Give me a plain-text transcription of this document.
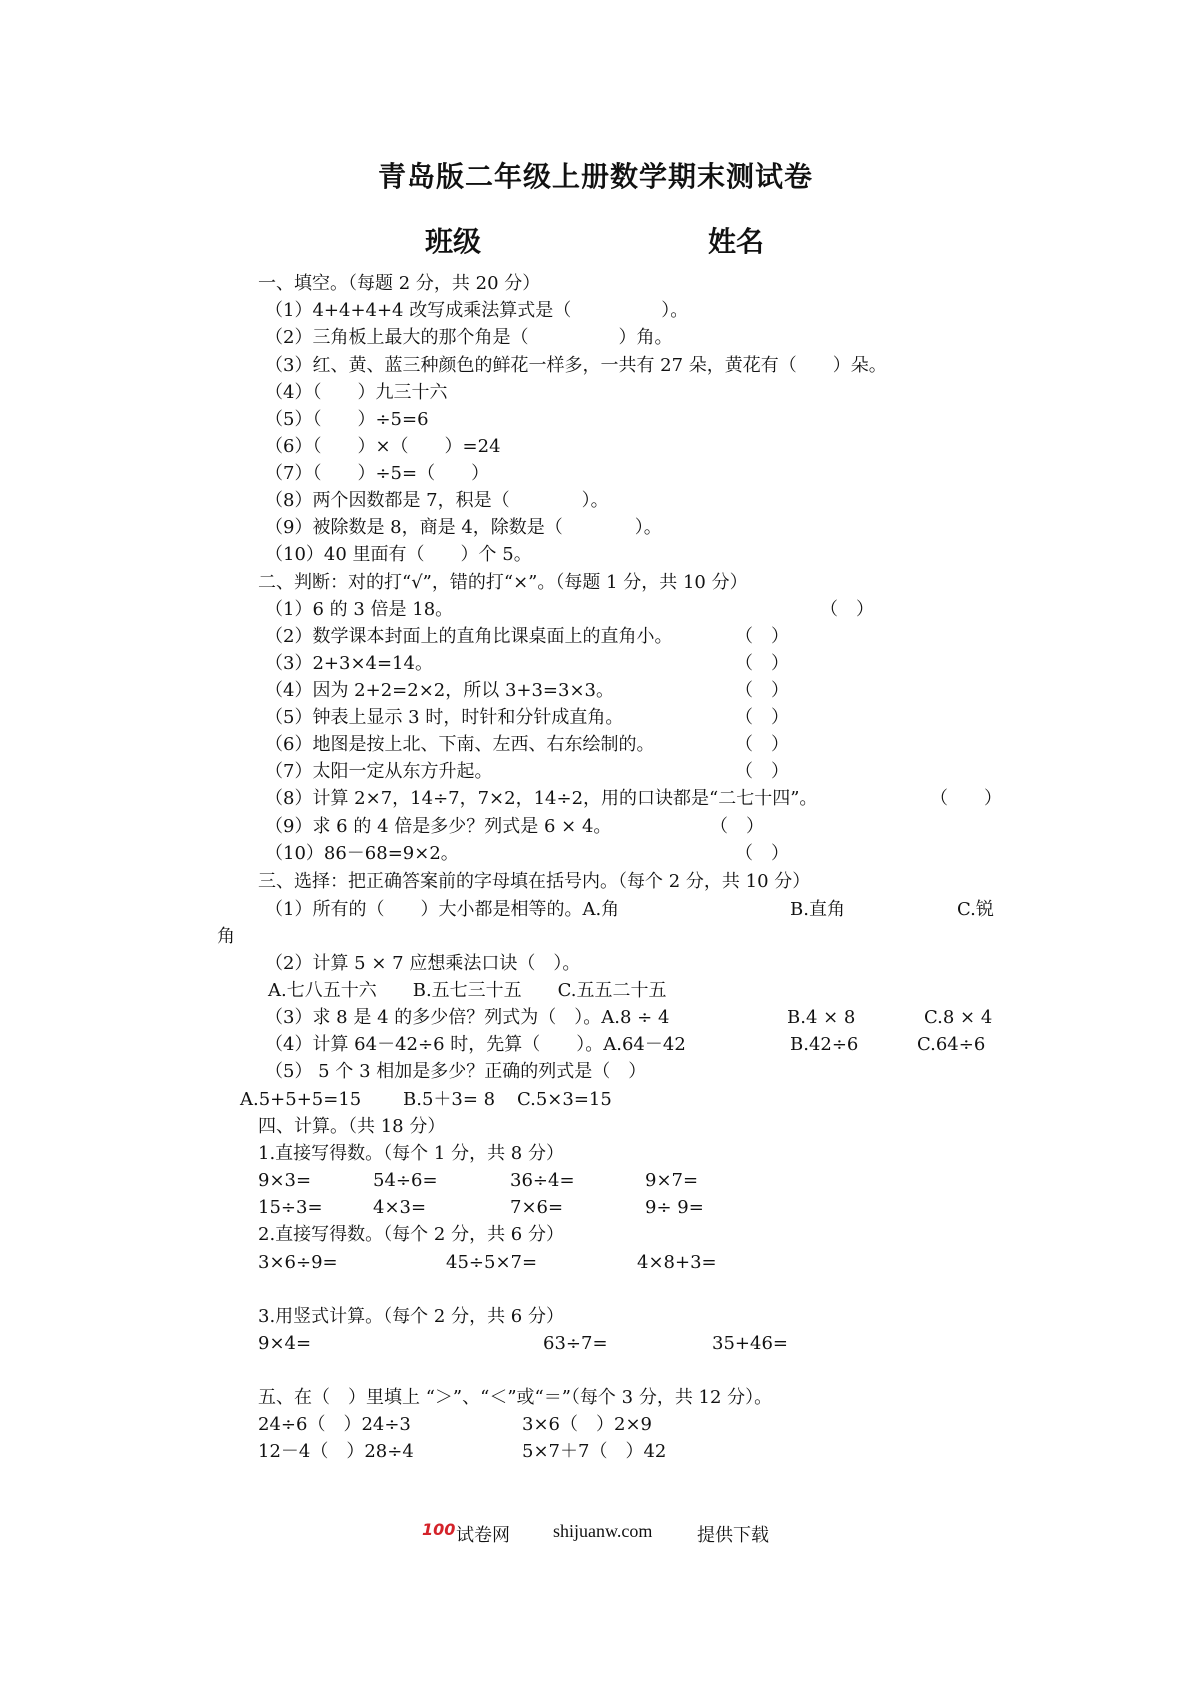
青岛版二年级上册数学期末测试卷
班级	姓名
一、填空。（每题 2 分，共 20 分）
（1）4+4+4+4 改写成乘法算式是（　　　　　）。
（2）三角板上最大的那个角是（　　　　　）角。
（3）红、黄、蓝三种颜色的鲜花一样多，一共有 27 朵，黄花有（　　）朵。
（4）（　　）九三十六
（5）（　　）÷5=6
（6）（　　）×（　　）=24
（7）（　　）÷5=（　　）
（8）两个因数都是 7，积是（　　　　）。
（9）被除数是 8，商是 4，除数是（　　　　）。
（10）40 里面有（　　）个 5。
二、判断：对的打“√”，错的打“×”。（每题 1 分，共 10 分）
（1）6 的 3 倍是 18。	（　）
（2）数学课本封面上的直角比课桌面上的直角小。	（　）
（3）2+3×4=14。	（　）
（4）因为 2+2=2×2，所以 3+3=3×3。	（　）
（5）钟表上显示 3 时，时针和分针成直角。	（　）
（6）地图是按上北、下南、左西、右东绘制的。	（　）
（7）太阳一定从东方升起。	（　）
（8）计算 2×7，14÷7，7×2，14÷2，用的口诀都是“二七十四”。	（　　）
（9）求 6 的 4 倍是多少？列式是 6 × 4。	（　）
（10）86－68=9×2。	（　）
三、选择：把正确答案前的字母填在括号内。（每个 2 分，共 10 分）
（1）所有的（　　）大小都是相等的。A.角	B.直角	C.锐
角
（2）计算 5 × 7 应想乘法口诀（　）。
A.七八五十六　　B.五七三十五　　C.五五二十五
（3）求 8 是 4 的多少倍？列式为（　）。A.8 ÷ 4	B.4 × 8	C.8 × 4
（4）计算 64－42÷6 时，先算（　　）。A.64－42	B.42÷6	C.64÷6
（5） 5 个 3 相加是多少？正确的列式是（　）
A.5+5+5=15 B.5＋3= 8 C.5×3=15
四、计算。（共 18 分）
1.直接写得数。（每个 1 分，共 8 分）
9×3=	54÷6=	36÷4=	9×7=
15÷3=	4×3=	7×6=	9÷ 9=
2.直接写得数。（每个 2 分，共 6 分）
3×6÷9=	45÷5×7=	4×8+3=
3.用竖式计算。（每个 2 分，共 6 分）
9×4=	63÷7=	35+46=
五、在（　）里填上 “＞”、“＜”或“＝”（每个 3 分，共 12 分）。
24÷6（　）24÷3	3×6（　）2×9
12－4（　）28÷4	5×7＋7（　）42
100 试卷网 shijuanw.com 提供下载
